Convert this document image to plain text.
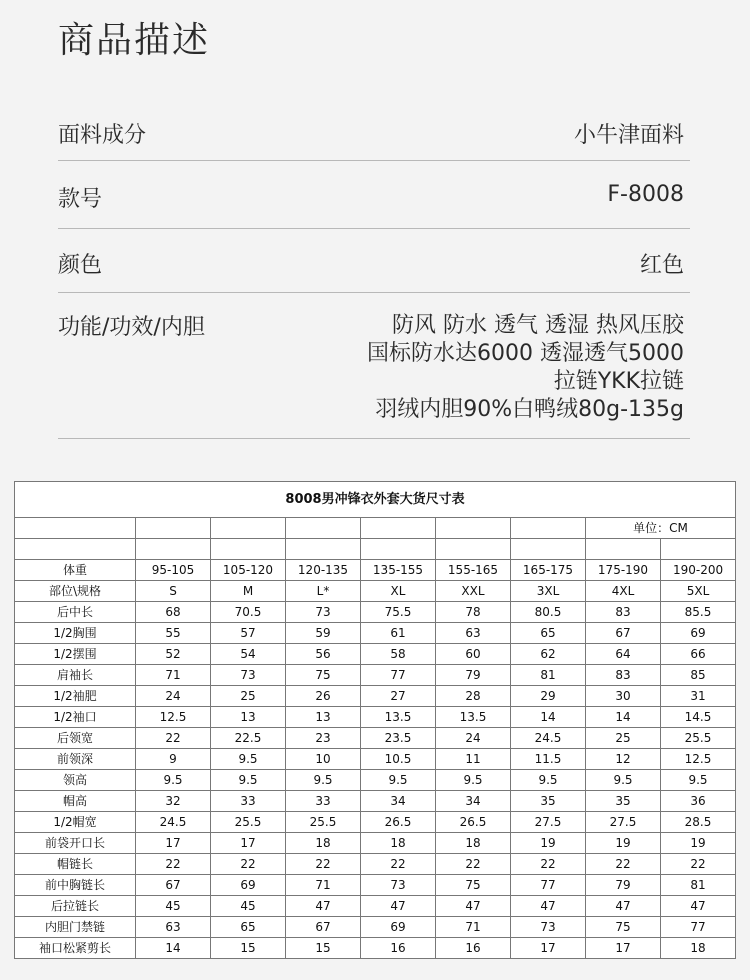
商品描述
面料成分	小牛津面料
款号	F-8008
颜色	红色
功能/功效/内胆	防风 防水 透气 透湿 热风压胶
国标防水达6000 透湿透气5000
拉链YKK拉链
羽绒内胆90%白鸭绒80g-135g
8008男冲锋衣外套大货尺寸表								
							单位：CM	

体重	95-105	105-120	120-135	135-155	155-165	165-175	175-190	190-200
部位\规格	S	M	L*	XL	XXL	3XL	4XL	5XL
后中长	68	70.5	73	75.5	78	80.5	83	85.5
1/2胸围	55	57	59	61	63	65	67	69
1/2摆围	52	54	56	58	60	62	64	66
肩袖长	71	73	75	77	79	81	83	85
1/2袖肥	24	25	26	27	28	29	30	31
1/2袖口	12.5	13	13	13.5	13.5	14	14	14.5
后领宽	22	22.5	23	23.5	24	24.5	25	25.5
前领深	9	9.5	10	10.5	11	11.5	12	12.5
领高	9.5	9.5	9.5	9.5	9.5	9.5	9.5	9.5
帽高	32	33	33	34	34	35	35	36
1/2帽宽	24.5	25.5	25.5	26.5	26.5	27.5	27.5	28.5
前袋开口长	17	17	18	18	18	19	19	19
帽链长	22	22	22	22	22	22	22	22
前中胸链长	67	69	71	73	75	77	79	81
后拉链长	45	45	47	47	47	47	47	47
内胆门禁链	63	65	67	69	71	73	75	77
袖口松紧剪长	14	15	15	16	16	17	17	18
